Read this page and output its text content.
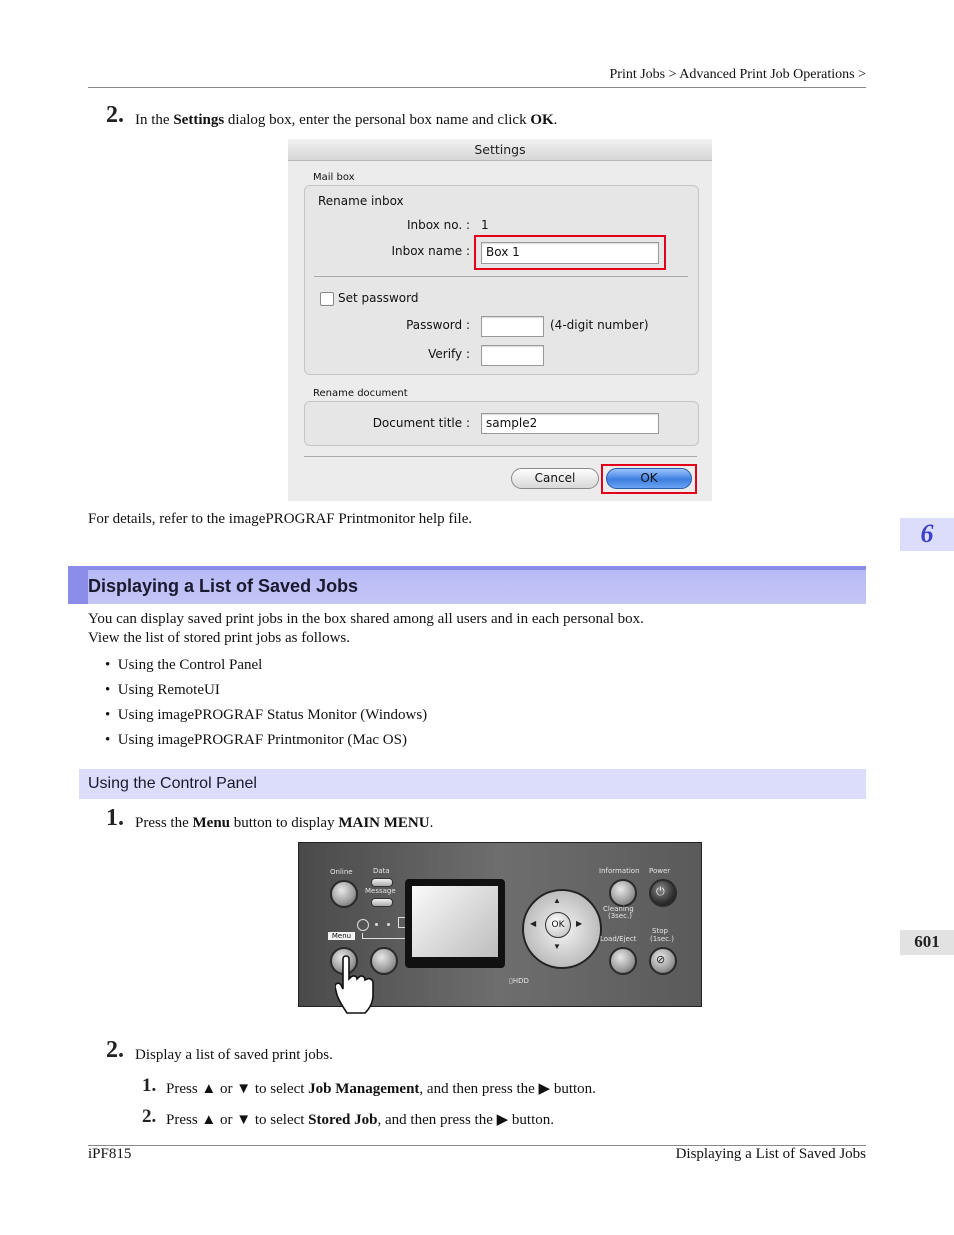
Print Jobs > Advanced Print Job Operations >
2. In the Settings dialog box, enter the personal box name and click OK.
Settings
Mail box
Rename inbox
Inbox no. : 1
Inbox name :	Box 1
Set password
Password :	(4-digit number)
Verify :
Rename document
Document title :	sample2
Cancel	OK
For details, refer to the imagePROGRAF Printmonitor help file.	6
Displaying a List of Saved Jobs
You can display saved print jobs in the box shared among all users and in each personal box.
View the list of stored print jobs as follows.
•  Using the Control Panel
•  Using RemoteUI
•  Using imagePROGRAF Status Monitor (Windows)
•  Using imagePROGRAF Printmonitor (Mac OS)
Using the Control Panel
1. Press the Menu button to display MAIN MENU.
Online	Data
Message
Menu
OK
▲
▼
◀	▶
▯HDD
Information Power
⏻
Cleaning
(3sec.)
Load/Eject
Stop
(1sec.)
⊘
601
2. Display a list of saved print jobs.
1. Press ▲ or ▼ to select Job Management, and then press the ▶ button.
2. Press ▲ or ▼ to select Stored Job, and then press the ▶ button.
iPF815	Displaying a List of Saved Jobs
